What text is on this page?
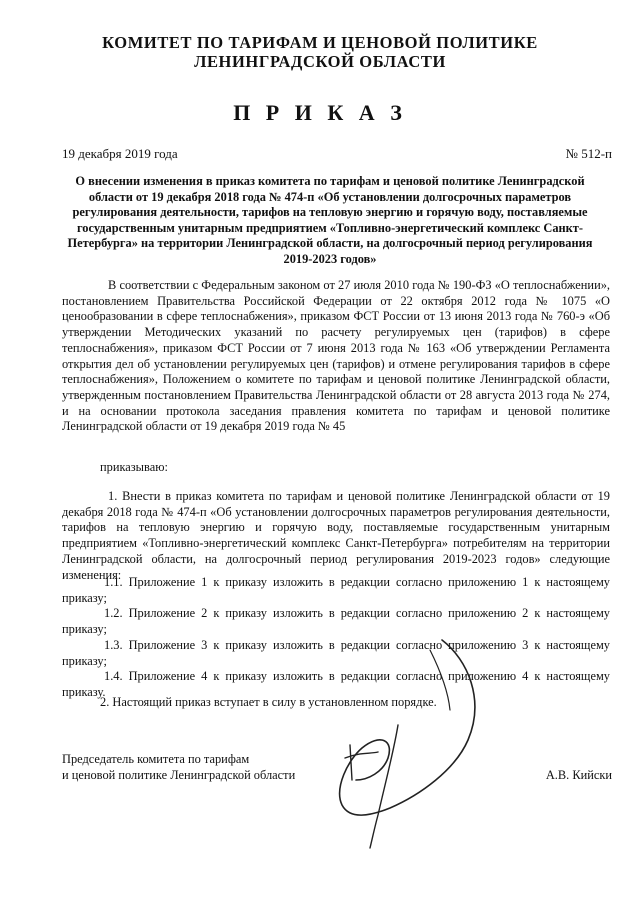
КОМИТЕТ ПО ТАРИФАМ И ЦЕНОВОЙ ПОЛИТИКЕ
ЛЕНИНГРАДСКОЙ ОБЛАСТИ
П Р И К А З
19 декабря 2019 года	№ 512-п
О внесении изменения в приказ комитета по тарифам и ценовой политике Ленинградской области от 19 декабря 2018 года № 474-п «Об установлении долгосрочных параметров регулирования деятельности, тарифов на тепловую энергию и горячую воду, поставляемые государственным унитарным предприятием «Топливно-энергетический комплекс Санкт-Петербурга» на территории Ленинградской области, на долгосрочный период регулирования 2019-2023 годов»
В соответствии с Федеральным законом от 27 июля 2010 года № 190-ФЗ «О теплоснабжении», постановлением Правительства Российской Федерации от 22 октября 2012 года № 1075 «О ценообразовании в сфере теплоснабжения», приказом ФСТ России от 13 июня 2013 года № 760-э «Об утверждении Методических указаний по расчету регулируемых цен (тарифов) в сфере теплоснабжения», приказом ФСТ России от 7 июня 2013 года № 163 «Об утверждении Регламента открытия дел об установлении регулируемых цен (тарифов) и отмене регулирования тарифов в сфере теплоснабжения», Положением о комитете по тарифам и ценовой политике Ленинградской области, утвержденным постановлением Правительства Ленинградской области от 28 августа 2013 года № 274, и на основании протокола заседания правления комитета по тарифам и ценовой политике Ленинградской области от 19 декабря 2019 года № 45
приказываю:
1. Внести в приказ комитета по тарифам и ценовой политике Ленинградской области от 19 декабря 2018 года № 474-п «Об установлении долгосрочных параметров регулирования деятельности, тарифов на тепловую энергию и горячую воду, поставляемые государственным унитарным предприятием «Топливно-энергетический комплекс Санкт-Петербурга» потребителям на территории Ленинградской области, на долгосрочный период регулирования 2019-2023 годов» следующие изменения:
1.1. Приложение 1 к приказу изложить в редакции согласно приложению 1 к настоящему приказу;
1.2. Приложение 2 к приказу изложить в редакции согласно приложению 2 к настоящему приказу;
1.3. Приложение 3 к приказу изложить в редакции согласно приложению 3 к настоящему приказу;
1.4. Приложение 4 к приказу изложить в редакции согласно приложению 4 к настоящему приказу.
2. Настоящий приказ вступает в силу в установленном порядке.
Председатель комитета по тарифам
и ценовой политике Ленинградской области	А.В. Кийски
